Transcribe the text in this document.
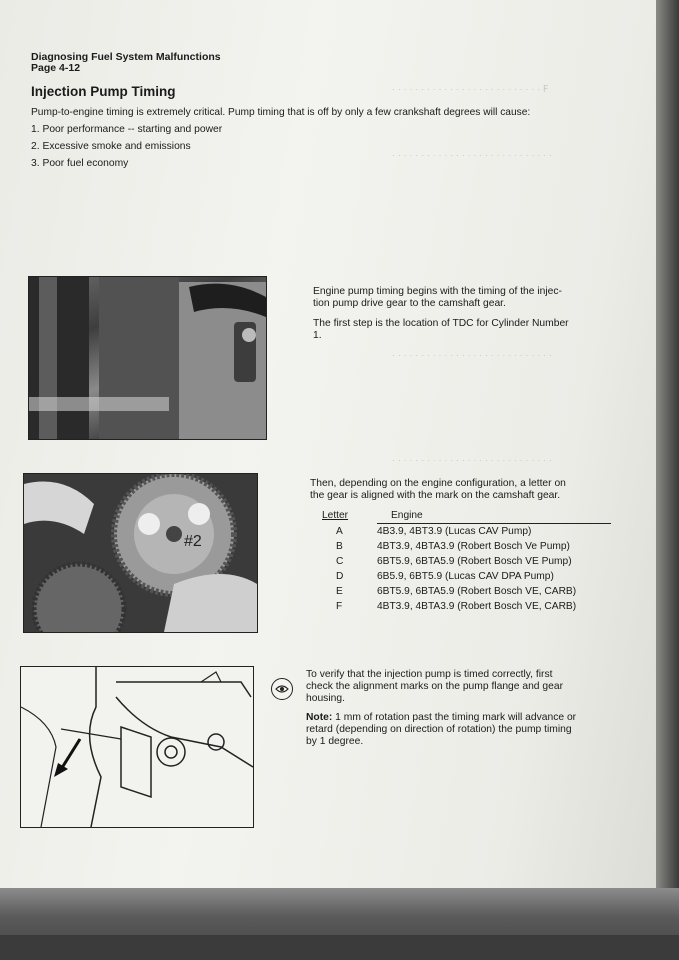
ꟻ · · · · · · · · · · · · · · · · · · · · · · · · · ·
· · · · · · · · · · · · · · · · · · · · · · · · · · · ·
· · · · · · · · · · · · · · · · · · · · · · · · · · · ·
· · · · · · · · · · · · · · · · · · · · · · · · · · · ·
Diagnosing Fuel System Malfunctions
Page 4-12
Injection Pump Timing
Pump-to-engine timing is extremely critical. Pump timing that is off by only a few crankshaft degrees will cause:
1. Poor performance -- starting and power
2. Excessive smoke and emissions
3. Poor fuel economy
Engine pump timing begins with the timing of the injec-
tion pump drive gear to the camshaft gear.
The first step is the location of TDC for Cylinder Number
1.
#2
Then, depending on the engine configuration, a letter on
the gear is aligned with the mark on the camshaft gear.
Letter	Engine
A	4B3.9, 4BT3.9 (Lucas CAV Pump)
B	4BT3.9, 4BTA3.9 (Robert Bosch Ve Pump)
C	6BT5.9, 6BTA5.9 (Robert Bosch VE Pump)
D	6B5.9, 6BT5.9 (Lucas CAV DPA Pump)
E	6BT5.9, 6BTA5.9 (Robert Bosch VE, CARB)
F	4BT3.9, 4BTA3.9 (Robert Bosch VE, CARB)
To verify that the injection pump is timed correctly, first
check the alignment marks on the pump flange and gear
housing.
Note: 1 mm of rotation past the timing mark will advance or
retard (depending on direction of rotation) the pump timing
by 1 degree.
